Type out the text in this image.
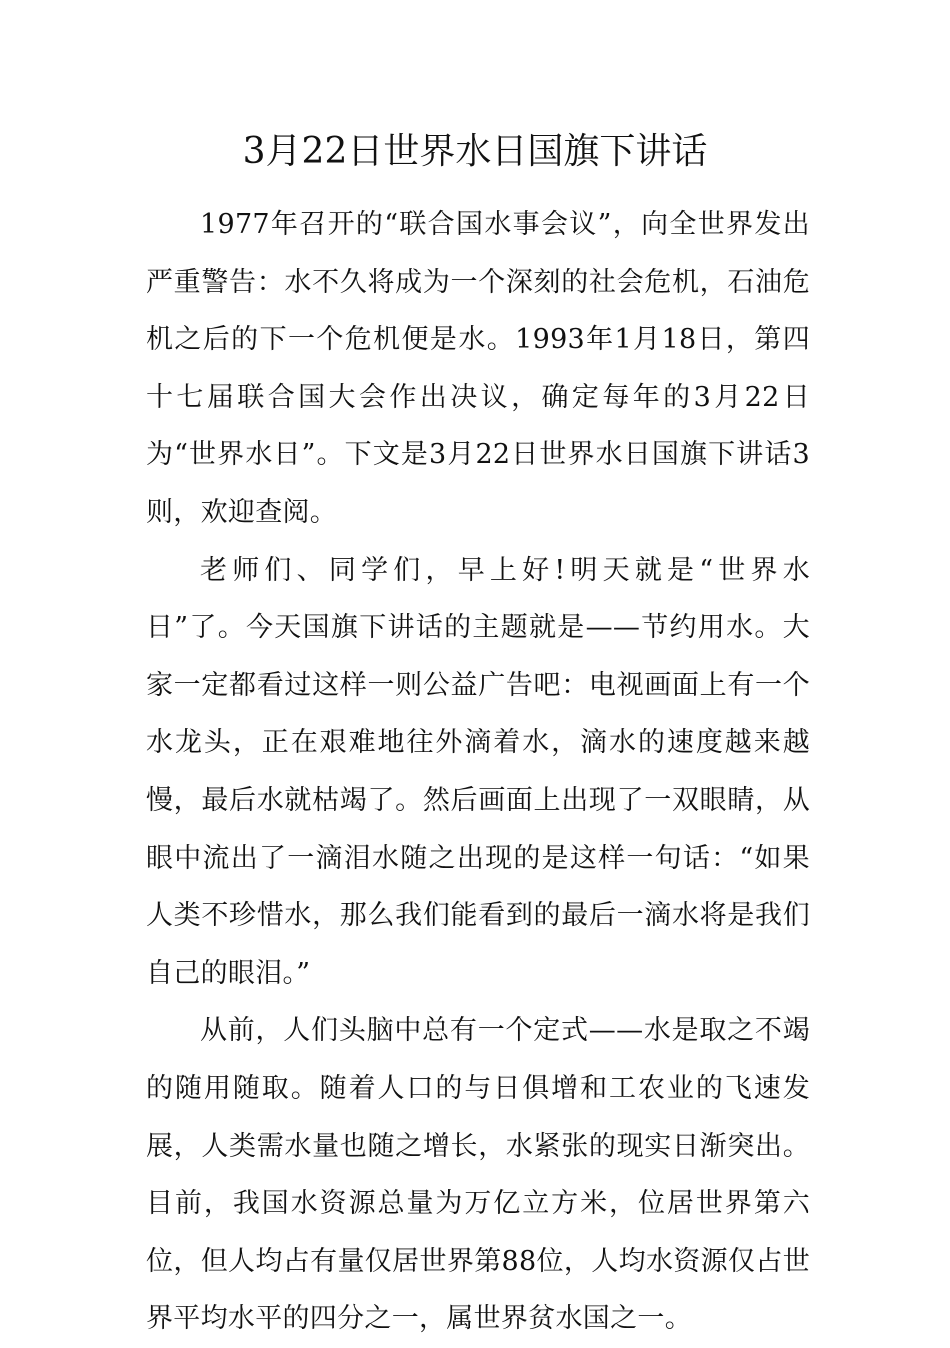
3月22日世界水日国旗下讲话

1977年召开的“联合国水事会议”，向全世界发出严重警告：水不久将成为一个深刻的社会危机，石油危机之后的下一个危机便是水。1993年1月18日，第四十七届联合国大会作出决议，确定每年的3月22日为“世界水日”。下文是3月22日世界水日国旗下讲话3则，欢迎查阅。

老师们、同学们，早上好!明天就是“世界水日”了。今天国旗下讲话的主题就是——节约用水。大家一定都看过这样一则公益广告吧：电视画面上有一个水龙头，正在艰难地往外滴着水，滴水的速度越来越慢，最后水就枯竭了。然后画面上出现了一双眼睛，从眼中流出了一滴泪水随之出现的是这样一句话：“如果人类不珍惜水，那么我们能看到的最后一滴水将是我们自己的眼泪。”

从前，人们头脑中总有一个定式——水是取之不竭的随用随取。随着人口的与日俱增和工农业的飞速发展，人类需水量也随之增长，水紧张的现实日渐突出。目前，我国水资源总量为万亿立方米，位居世界第六位，但人均占有量仅居世界第88位，人均水资源仅占世界平均水平的四分之一，属世界贫水国之一。
